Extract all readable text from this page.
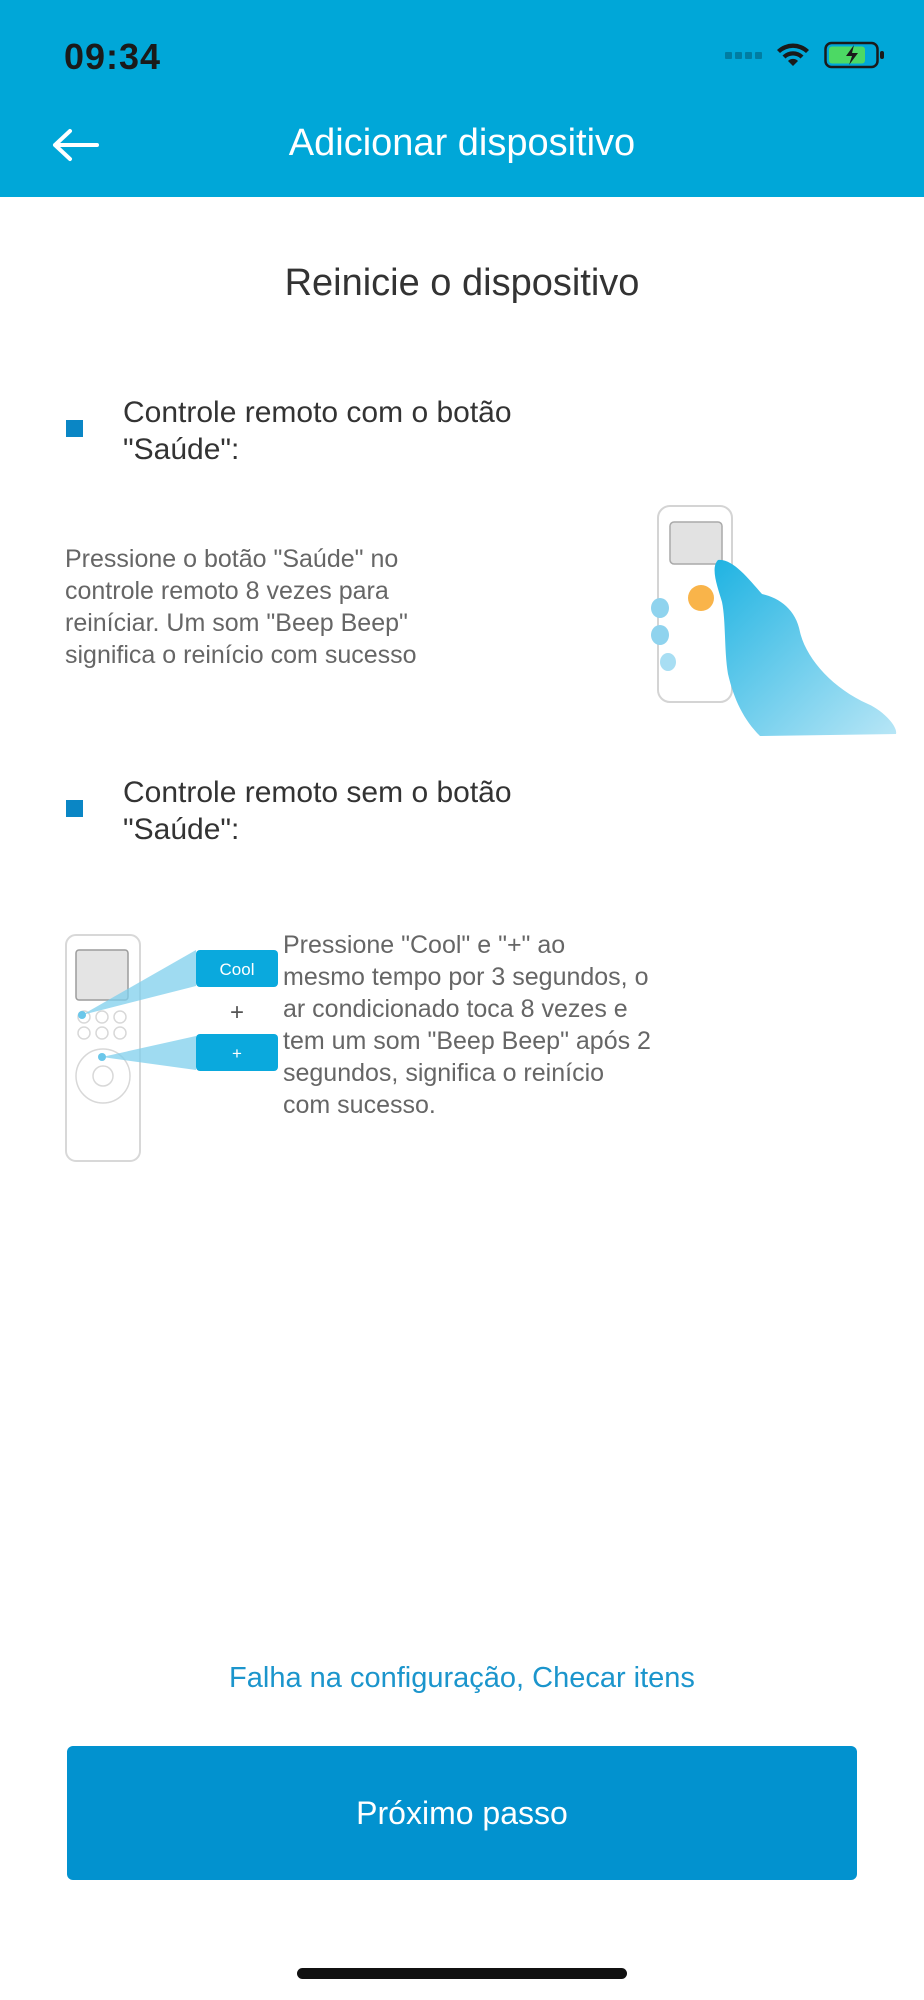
09:34
Adicionar dispositivo
Reinicie o dispositivo
Controle remoto com o botão
"Saúde":
Pressione o botão "Saúde" no
controle remoto 8 vezes para
reiníciar. Um som "Beep Beep"
significa o reinício com sucesso
Controle remoto sem o botão
"Saúde":
Cool
+
+
Pressione "Cool" e "+" ao
mesmo tempo por 3 segundos, o
ar condicionado toca 8 vezes e
tem um som "Beep Beep" após 2
segundos, significa o reinício
com sucesso.
Falha na configuração, Checar itens
Próximo passo
